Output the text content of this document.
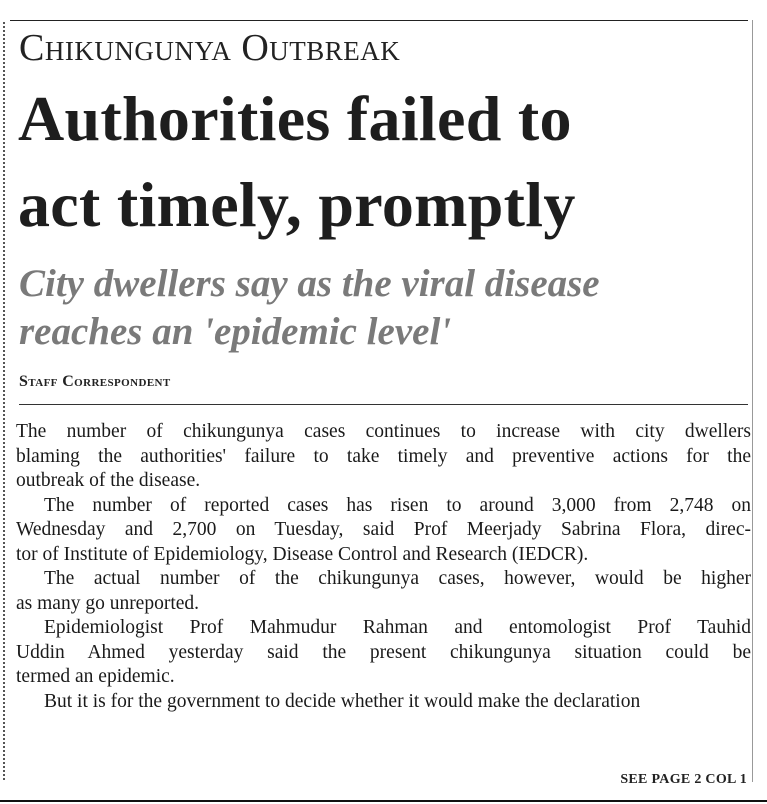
Chikungunya Outbreak
Authorities failed to
act timely, promptly
City dwellers say as the viral disease
reaches an 'epidemic level'
Staff Correspondent
The number of chikungunya cases continues to increase with city dwellers
blaming the authorities' failure to take timely and preventive actions for the
outbreak of the disease.
The number of reported cases has risen to around 3,000 from 2,748 on
Wednesday and 2,700 on Tuesday, said Prof Meerjady Sabrina Flora, direc-
tor of Institute of Epidemiology, Disease Control and Research (IEDCR).
The actual number of the chikungunya cases, however, would be higher
as many go unreported.
Epidemiologist Prof Mahmudur Rahman and entomologist Prof Tauhid
Uddin Ahmed yesterday said the present chikungunya situation could be
termed an epidemic.
But it is for the government to decide whether it would make the declaration
SEE PAGE 2 COL 1
